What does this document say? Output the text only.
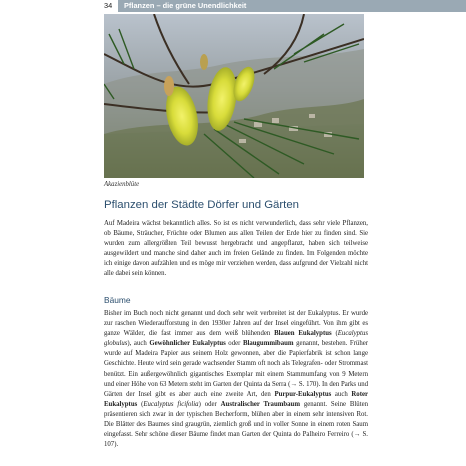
34	Pflanzen – die grüne Unendlichkeit
Akazienblüte
Pflanzen der Städte Dörfer und Gärten

Auf Madeira wächst bekanntlich alles. So ist es nicht verwunderlich, dass sehr viele Pflanzen, ob Bäume, Sträucher, Früchte oder Blumen aus allen Teilen der Erde hier zu finden sind. Sie wurden zum allergrößten Teil bewusst hergebracht und angepflanzt, haben sich teilweise ausgewildert und manche sind daher auch im freien Gelände zu finden. Im Folgenden möchte ich einige davon aufzählen und es möge mir verziehen werden, dass aufgrund der Vielzahl nicht alle dabei sein können.

Bäume

Bisher im Buch noch nicht genannt und doch sehr weit verbreitet ist der Eukalyptus. Er wurde zur raschen Wiederaufforstung in den 1930er Jahren auf der Insel eingeführt. Von ihm gibt es ganze Wälder, die fast immer aus dem weiß blühenden Blauen Eukalyptus (Eucalyptus globulus), auch Gewöhnlicher Eukalyptus oder Blaugummibaum genannt, bestehen. Früher wurde auf Madeira Papier aus seinem Holz gewonnen, aber die Papierfabrik ist schon lange Geschichte. Heute wird sein gerade wachsender Stamm oft noch als Telegrafen- oder Strommast benützt. Ein außergewöhnlich gigantisches Exemplar mit einem Stammumfang von 9 Metern und einer Höhe von 63 Metern steht im Garten der Quinta da Serra (→ S. 170). In den Parks und Gärten der Insel gibt es aber auch eine zweite Art, den Purpur-Eukalyptus auch Roter Eukalyptus (Eucalyptus ficifolia) oder Australischer Traumbaum genannt. Seine Blüten präsentieren sich zwar in der typischen Becherform, blühen aber in einem sehr intensiven Rot. Die Blätter des Baumes sind graugrün, ziemlich groß und in voller Sonne in einem roten Saum eingefasst. Sehr schöne dieser Bäume findet man Garten der Quinta do Palheiro Ferreiro (→ S. 107).
